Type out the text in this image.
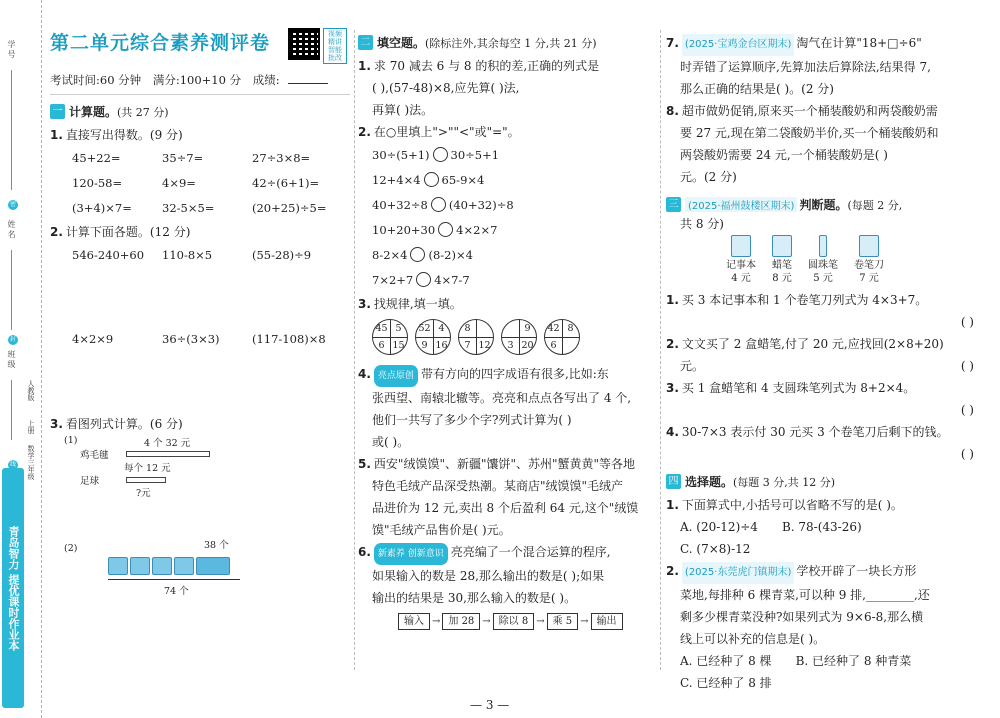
学号
密
姓名
封
班级
线
人教版
上册
数学三年级
青岛智力 提优课时作业本
第二单元综合素养测评卷	视频精讲 智能批改
考试时间:60 分钟 满分:100+10 分 成绩:
一 计算题。 (共 27 分)
1. 直接写出得数。(9 分)
45+22=	35÷7=	27÷3×8=
120-58=	4×9=	42÷(6+1)=
(3+4)×7=	32-5×5=	(20+25)÷5=
2. 计算下面各题。(12 分)
546-240+60	110-8×5	(55-28)÷9
4×2×9	36÷(3×3)	(117-108)×8
3. 看图列式计算。(6 分)
(1)	4 个 32 元
鸡毛毽
每个 12 元
足球
?元
(2)	38 个
74 个
二 填空题。 (除标注外,其余每空 1 分,共 21 分)
1. 求 70 减去 6 与 8 的积的差,正确的列式是
( ),(57-48)×8,应先算( )法,
再算( )法。
2. 在○里填上">""<"或"="。
30÷(5+1) 30÷5+1
12+4×4 65-9×4
40+32÷8 (40+32)÷8
10+20+30 4×2×7
8-2×4 (8-2)×4
7×2+7 4×7-7
3. 找规律,填一填。
45 5
6 15
52 4
9 16
8
7 12
9
3 20
42 8
6
4. 亮点原创 带有方向的四字成语有很多,比如:东
张西望、南辕北辙等。亮亮和点点各写出了 4 个,
他们一共写了多少个字?列式计算为( )
或( )。
5. 西安"绒馍馍"、新疆"馕饼"、苏州"蟹黄黄"等各地
特色毛绒产品深受热潮。某商店"绒馍馍"毛绒产
品进价为 12 元,卖出 8 个后盈利 64 元,这个"绒馍
馍"毛绒产品售价是( )元。
6. 新素养 创新意识 亮亮编了一个混合运算的程序,
如果输入的数是 28,那么输出的数是( );如果
输出的结果是 30,那么输入的数是( )。
输入 → 加 28 → 除以 8 → 乘 5 → 输出
7. (2025·宝鸡金台区期末) 淘气在计算"18+□÷6"
时弄错了运算顺序,先算加法后算除法,结果得 7,
那么正确的结果是( )。(2 分)
8. 超市做奶促销,原来买一个桶装酸奶和两袋酸奶需
要 27 元,现在第二袋酸奶半价,买一个桶装酸奶和
两袋酸奶需要 24 元,一个桶装酸奶是( )
元。(2 分)
三 (2025·福州鼓楼区期末) 判断题。 (每题 2 分,
共 8 分)
记事本
4 元
蜡笔
8 元
圆珠笔
5 元
卷笔刀
7 元
1. 买 3 本记事本和 1 个卷笔刀列式为 4×3+7。
( )
2. 文文买了 2 盒蜡笔,付了 20 元,应找回(2×8+20)
元。	( )
3. 买 1 盒蜡笔和 4 支圆珠笔列式为 8+2×4。
( )
4. 30-7×3 表示付 30 元买 3 个卷笔刀后剩下的钱。
( )
四 选择题。 (每题 3 分,共 12 分)
1. 下面算式中,小括号可以省略不写的是( )。
A. (20-12)÷4 B. 78-(43-26)
C. (7×8)-12
2. (2025·东莞虎门镇期末) 学校开辟了一块长方形
菜地,每排种 6 棵青菜,可以种 9 排,________,还
剩多少棵青菜没种?如果列式为 9×6-8,那么横
线上可以补充的信息是( )。
A. 已经种了 8 棵 B. 已经种了 8 种青菜
C. 已经种了 8 排
— 3 —
